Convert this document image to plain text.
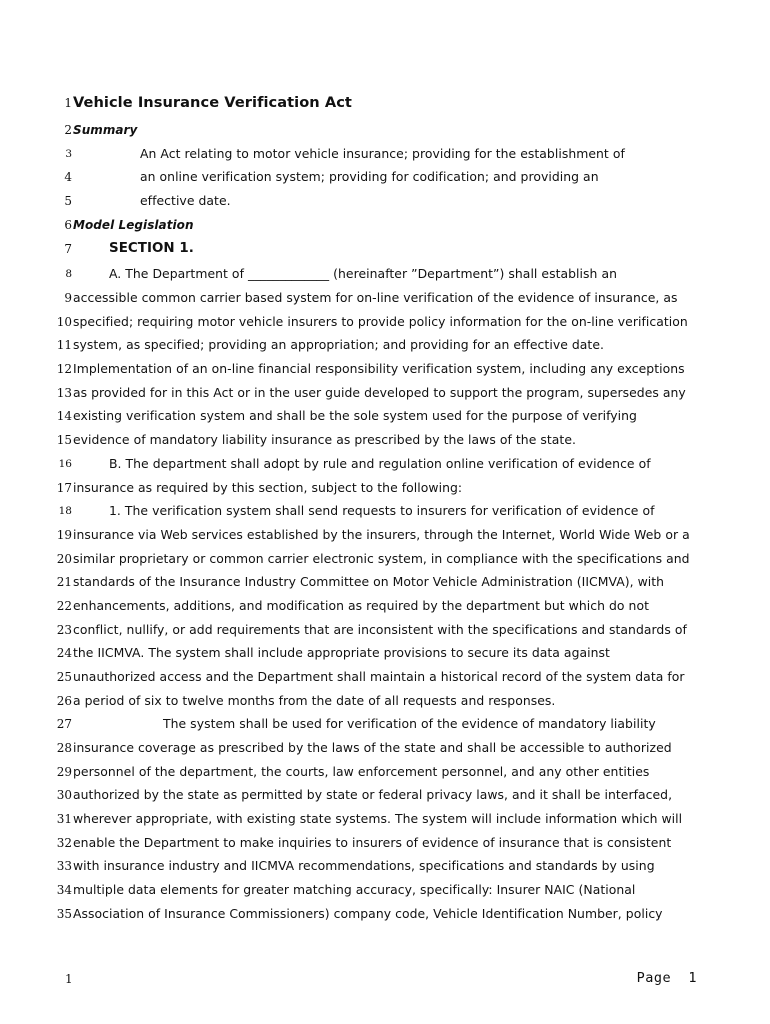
1 Vehicle Insurance Verification Act
2 Summary
3	An Act relating to motor vehicle insurance; providing for the establishment of
4	an online verification system; providing for codification; and providing an
5	effective date.
6 Model Legislation
7	SECTION 1.
8	A. The Department of _____________ (hereinafter ”Department”) shall establish an
9 accessible common carrier based system for on-line verification of the evidence of insurance, as
10 specified; requiring motor vehicle insurers to provide policy information for the on-line verification
11 system, as specified; providing an appropriation; and providing for an effective date.
12 Implementation of an on-line financial responsibility verification system, including any exceptions
13 as provided for in this Act or in the user guide developed to support the program, supersedes any
14 existing verification system and shall be the sole system used for the purpose of verifying
15 evidence of mandatory liability insurance as prescribed by the laws of the state.
16	B. The department shall adopt by rule and regulation online verification of evidence of
17 insurance as required by this section, subject to the following:
18	1. The verification system shall send requests to insurers for verification of evidence of
19 insurance via Web services established by the insurers, through the Internet, World Wide Web or a
20 similar proprietary or common carrier electronic system, in compliance with the specifications and
21 standards of the Insurance Industry Committee on Motor Vehicle Administration (IICMVA), with
22 enhancements, additions, and modification as required by the department but which do not
23 conflict, nullify, or add requirements that are inconsistent with the specifications and standards of
24 the IICMVA. The system shall include appropriate provisions to secure its data against
25 unauthorized access and the Department shall maintain a historical record of the system data for
26 a period of six to twelve months from the date of all requests and responses.
27	The system shall be used for verification of the evidence of mandatory liability
28 insurance coverage as prescribed by the laws of the state and shall be accessible to authorized
29 personnel of the department, the courts, law enforcement personnel, and any other entities
30 authorized by the state as permitted by state or federal privacy laws, and it shall be interfaced,
31 wherever appropriate, with existing state systems. The system will include information which will
32 enable the Department to make inquiries to insurers of evidence of insurance that is consistent
33 with insurance industry and IICMVA recommendations, specifications and standards by using
34 multiple data elements for greater matching accuracy, specifically: Insurer NAIC (National
35 Association of Insurance Commissioners) company code, Vehicle Identification Number, policy
1	Page  1
